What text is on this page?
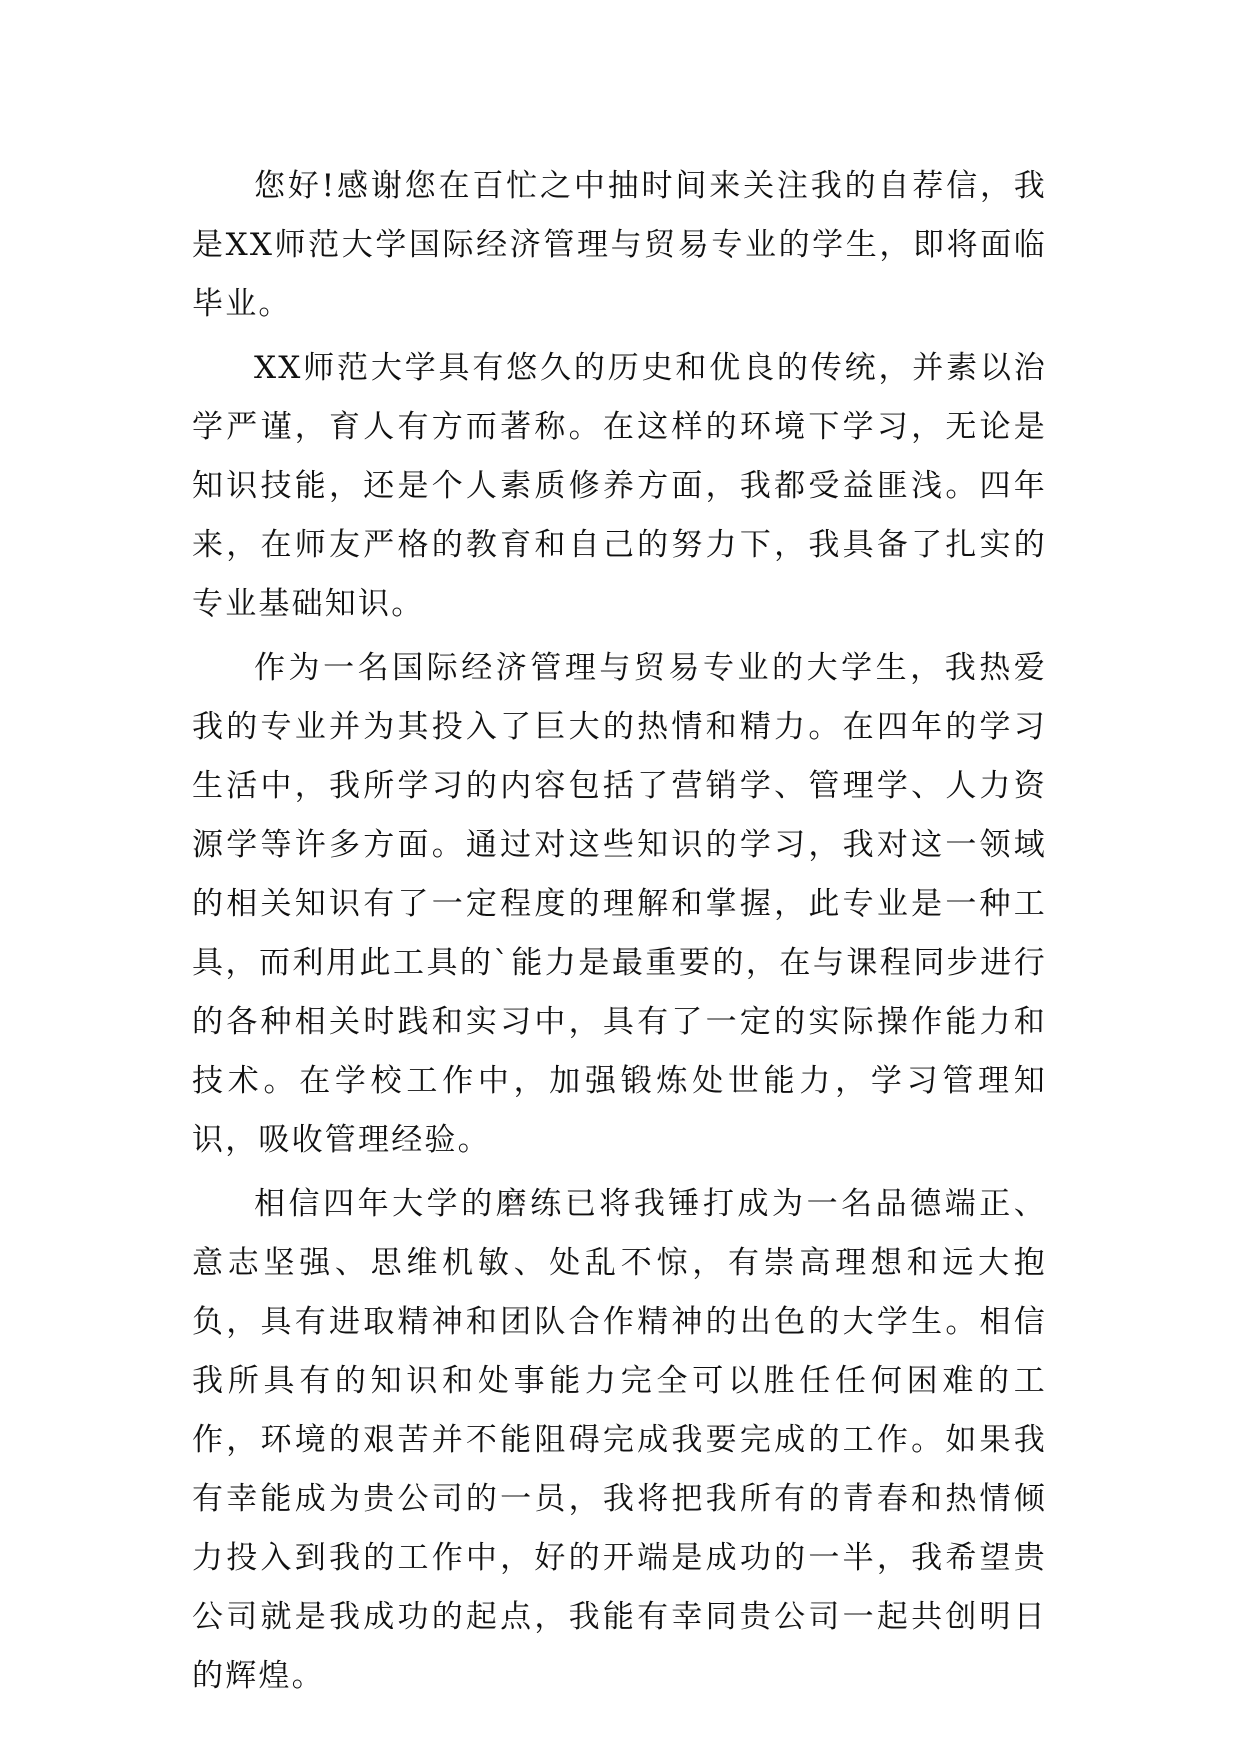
您好!感谢您在百忙之中抽时间来关注我的自荐信，我是XX师范大学国际经济管理与贸易专业的学生，即将面临毕业。

XX师范大学具有悠久的历史和优良的传统，并素以治学严谨，育人有方而著称。在这样的环境下学习，无论是知识技能，还是个人素质修养方面，我都受益匪浅。四年来，在师友严格的教育和自己的努力下，我具备了扎实的专业基础知识。

作为一名国际经济管理与贸易专业的大学生，我热爱我的专业并为其投入了巨大的热情和精力。在四年的学习生活中，我所学习的内容包括了营销学、管理学、人力资源学等许多方面。通过对这些知识的学习，我对这一领域的相关知识有了一定程度的理解和掌握，此专业是一种工具，而利用此工具的`能力是最重要的，在与课程同步进行的各种相关时践和实习中，具有了一定的实际操作能力和技术。在学校工作中，加强锻炼处世能力，学习管理知识，吸收管理经验。

相信四年大学的磨练已将我锤打成为一名品德端正、意志坚强、思维机敏、处乱不惊，有崇高理想和远大抱负，具有进取精神和团队合作精神的出色的大学生。相信我所具有的知识和处事能力完全可以胜任任何困难的工作，环境的艰苦并不能阻碍完成我要完成的工作。如果我有幸能成为贵公司的一员，我将把我所有的青春和热情倾力投入到我的工作中，好的开端是成功的一半，我希望贵公司就是我成功的起点，我能有幸同贵公司一起共创明日的辉煌。
